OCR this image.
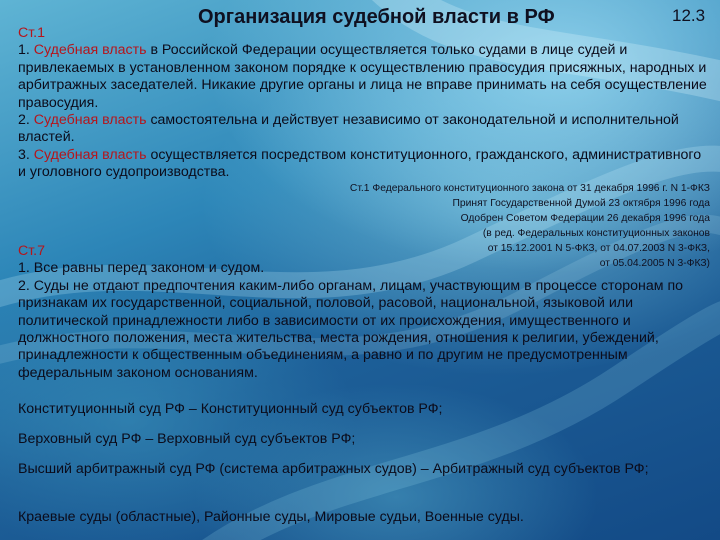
Организация судебной власти в РФ	12.3
Ст.1

1. Судебная власть в Российской Федерации осуществляется только судами в лице судей и привлекаемых в установленном законом порядке к осуществлению правосудия присяжных, народных и арбитражных заседателей. Никакие другие органы и лица не вправе принимать на себя осуществление правосудия.

2. Судебная власть самостоятельна и действует независимо от законодательной и исполнительной властей.

3. Судебная власть осуществляется посредством конституционного, гражданского, административного и уголовного судопроизводства.

Ст.1 Федерального конституционного закона от 31 декабря 1996 г. N 1-ФКЗ
Принят Государственной Думой 23 октября 1996 года
Одобрен Советом Федерации 26 декабря 1996 года
(в ред. Федеральных конституционных законов
от 15.12.2001 N 5-ФКЗ, от 04.07.2003 N 3-ФКЗ,
от 05.04.2005 N 3-ФКЗ)
Ст.7

1. Все равны перед законом и судом.

2. Суды не отдают предпочтения каким-либо органам, лицам, участвующим в процессе сторонам по признакам их государственной, социальной, половой, расовой, национальной, языковой или политической принадлежности либо в зависимости от их происхождения, имущественного и должностного положения, места жительства, места рождения, отношения к религии, убеждений, принадлежности к общественным объединениям, а равно и по другим не предусмотренным федеральным законом основаниям.

Конституционный суд РФ – Конституционный суд субъектов РФ;
Верховный суд РФ – Верховный суд субъектов РФ;
Высший арбитражный суд РФ (система арбитражных судов) – Арбитражный суд субъектов РФ;
Краевые суды (областные), Районные суды, Мировые судьи, Военные суды.
